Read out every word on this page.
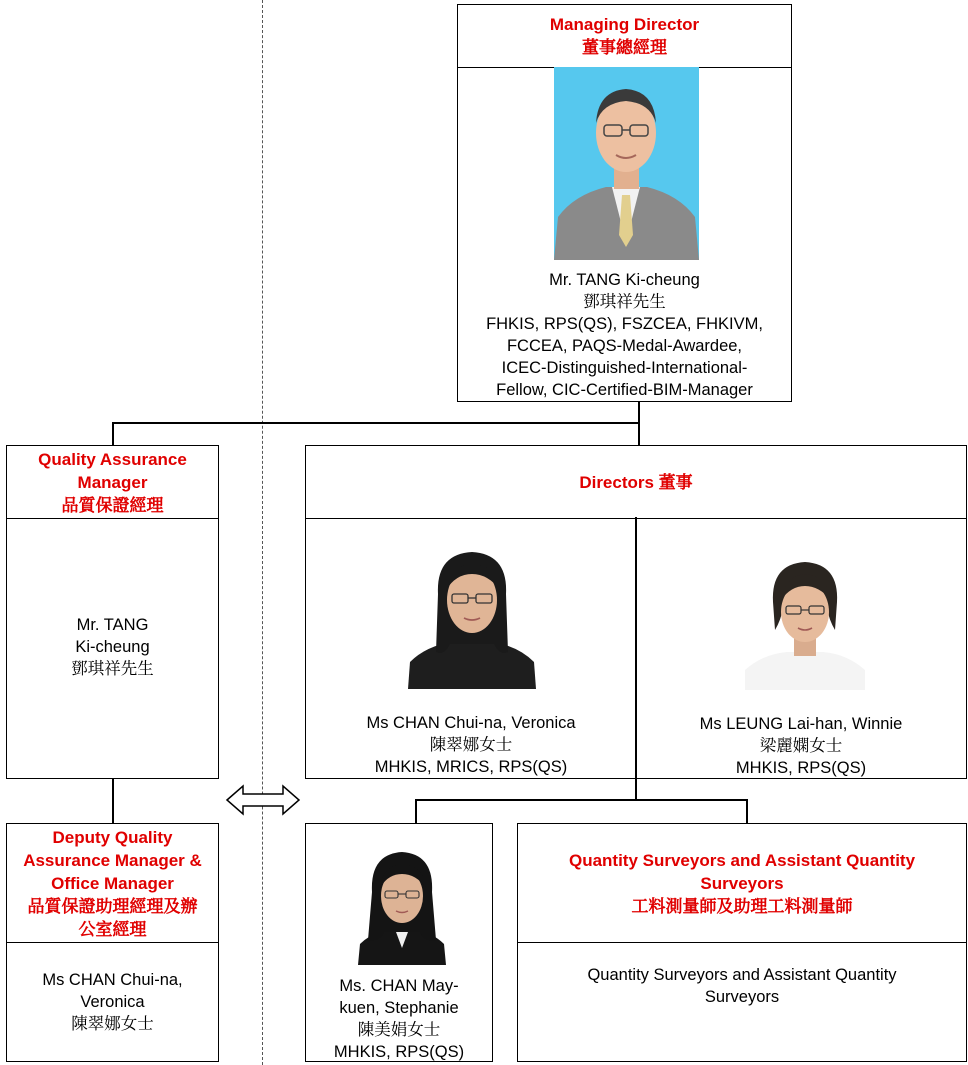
Managing Director
董事總經理
Mr. TANG Ki-cheung
鄧琪祥先生
FHKIS, RPS(QS), FSZCEA, FHKIVM,
FCCEA, PAQS-Medal-Awardee,
ICEC-Distinguished-International-
Fellow, CIC-Certified-BIM-Manager
Quality Assurance
Manager
品質保證經理
Mr. TANG
Ki-cheung
鄧琪祥先生
Directors 董事
Ms CHAN Chui-na, Veronica
陳翠娜女士
MHKIS, MRICS, RPS(QS)
Ms LEUNG Lai-han, Winnie
梁麗嫻女士
MHKIS, RPS(QS)
Deputy Quality
Assurance Manager &
Office Manager
品質保證助理經理及辦
公室經理
Ms CHAN Chui-na,
Veronica
陳翠娜女士
Ms. CHAN May-
kuen, Stephanie
陳美娟女士
MHKIS, RPS(QS)
Quantity Surveyors and Assistant Quantity
Surveyors
工料測量師及助理工料測量師
Quantity Surveyors and Assistant Quantity
Surveyors
